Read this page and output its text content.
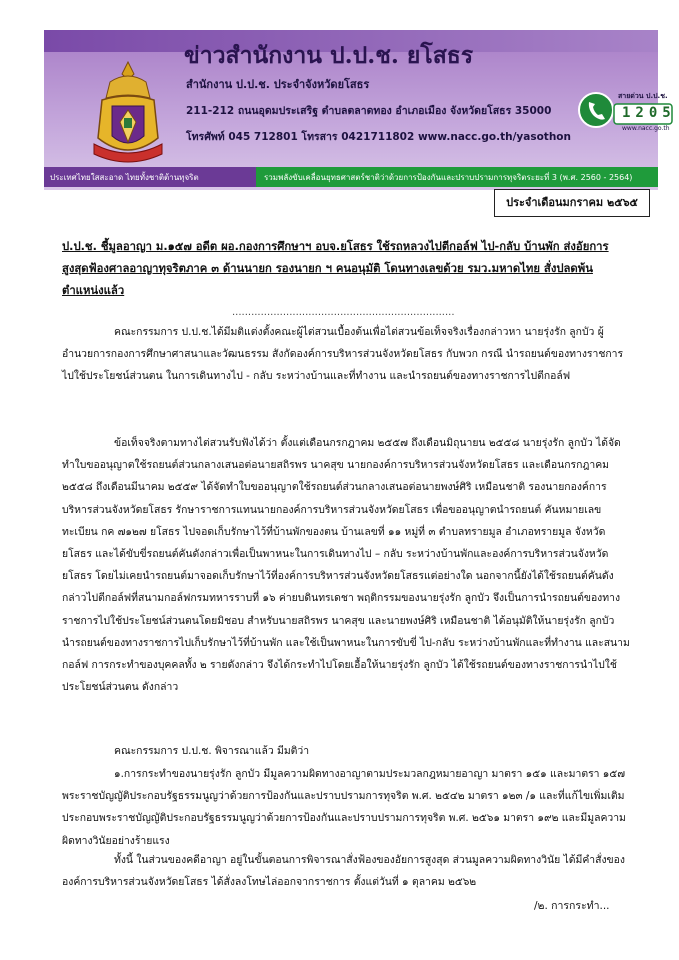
ข่าวสำนักงาน ป.ป.ช. ยโสธร
สำนักงาน ป.ป.ช. ประจำจังหวัดยโสธร
211-212 ถนนอุดมประเสริฐ ตำบลตลาดทอง อำเภอเมือง จังหวัดยโสธร 35000
โทรศัพท์ 045 712801 โทรสาร 0421711802 www.nacc.go.th/yasothon
สายด่วน ป.ป.ช.
1205
www.nacc.go.th
ประเทศไทยใสสะอาด ไทยทั้งชาติต้านทุจริต	รวมพลังขับเคลื่อนยุทธศาสตร์ชาติว่าด้วยการป้องกันและปราบปรามการทุจริตระยะที่ 3 (พ.ศ. 2560 - 2564)
ประจำเดือนมกราคม ๒๕๖๕
ป.ป.ช. ชี้มูลอาญา ม.๑๕๗ อดีต ผอ.กองการศึกษาฯ อบจ.ยโสธร ใช้รถหลวงไปตีกอล์ฟ ไป-กลับ บ้านพัก ส่งอัยการสูงสุดฟ้องศาลอาญาทุจริตภาค ๓ ด้านนายก รองนายก ฯ คนอนุมัติ โดนทางเลขด้วย รมว.มหาดไทย สั่งปลดพ้นตำแหน่งแล้ว
......................................................................
คณะกรรมการ ป.ป.ช.ได้มีมติแต่งตั้งคณะผู้ไต่สวนเบื้องต้นเพื่อไต่สวนข้อเท็จจริงเรื่องกล่าวหา นายรุ่งรัก ลูกบัว ผู้อำนวยการกองการศึกษาศาสนาและวัฒนธรรม สังกัดองค์การบริหารส่วนจังหวัดยโสธร กับพวก กรณี นำรถยนต์ของทางราชการไปใช้ประโยชน์ส่วนตน ในการเดินทางไป - กลับ ระหว่างบ้านและที่ทำงาน และนำรถยนต์ของทางราชการไปตีกอล์ฟ
ข้อเท็จจริงตามทางไต่สวนรับฟังได้ว่า ตั้งแต่เดือนกรกฎาคม ๒๕๕๗ ถึงเดือนมิถุนายน ๒๕๕๘ นายรุ่งรัก ลูกบัว ได้จัดทำใบขออนุญาตใช้รถยนต์ส่วนกลางเสนอต่อนายสถิรพร นาคสุข นายกองค์การบริหารส่วนจังหวัดยโสธร และเดือนกรกฎาคม ๒๕๕๘ ถึงเดือนมีนาคม ๒๕๕๙ ได้จัดทำใบขออนุญาตใช้รถยนต์ส่วนกลางเสนอต่อนายพงษ์ศิริ เหมือนชาติ รองนายกองค์การบริหารส่วนจังหวัดยโสธร รักษาราชการแทนนายกองค์การบริหารส่วนจังหวัดยโสธร เพื่อขออนุญาตนำรถยนต์ คันหมายเลขทะเบียน กค ๗๑๒๗ ยโสธร ไปจอดเก็บรักษาไว้ที่บ้านพักของตน บ้านเลขที่ ๑๑ หมู่ที่ ๓ ตำบลทรายมูล อำเภอทรายมูล จังหวัดยโสธร และได้ขับขี่รถยนต์คันดังกล่าวเพื่อเป็นพาหนะในการเดินทางไป – กลับ ระหว่างบ้านพักและองค์การบริหารส่วนจังหวัดยโสธร โดยไม่เคยนำรถยนต์มาจอดเก็บรักษาไว้ที่องค์การบริหารส่วนจังหวัดยโสธรแต่อย่างใด นอกจากนี้ยังได้ใช้รถยนต์คันดังกล่าวไปตีกอล์ฟที่สนามกอล์ฟกรมทหารราบที่ ๑๖ ค่ายบดินทรเดชา พฤติกรรมของนายรุ่งรัก ลูกบัว จึงเป็นการนำรถยนต์ของทางราชการไปใช้ประโยชน์ส่วนตนโดยมิชอบ สำหรับนายสถิรพร นาคสุข และนายพงษ์ศิริ เหมือนชาติ ได้อนุมัติให้นายรุ่งรัก ลูกบัว นำรถยนต์ของทางราชการไปเก็บรักษาไว้ที่บ้านพัก และใช้เป็นพาหนะในการขับขี่ ไป-กลับ ระหว่างบ้านพักและที่ทำงาน และสนามกอล์ฟ การกระทำของบุคคลทั้ง ๒ รายดังกล่าว จึงได้กระทำไปโดยเอื้อให้นายรุ่งรัก ลูกบัว ได้ใช้รถยนต์ของทางราชการนำไปใช้ประโยชน์ส่วนตน ดังกล่าว
คณะกรรมการ ป.ป.ช. พิจารณาแล้ว มีมติว่า
๑.การกระทำของนายรุ่งรัก ลูกบัว มีมูลความผิดทางอาญาตามประมวลกฎหมายอาญา มาตรา ๑๕๑ และมาตรา ๑๕๗ พระราชบัญญัติประกอบรัฐธรรมนูญว่าด้วยการป้องกันและปราบปรามการทุจริต พ.ศ. ๒๕๔๒ มาตรา ๑๒๓ /๑ และที่แก้ไขเพิ่มเติม ประกอบพระราชบัญญัติประกอบรัฐธรรมนูญว่าด้วยการป้องกันและปราบปรามการทุจริต พ.ศ. ๒๕๖๑ มาตรา ๑๙๒ และมีมูลความผิดทางวินัยอย่างร้ายแรง
ทั้งนี้ ในส่วนของคดีอาญา อยู่ในขั้นตอนการพิจารณาสั่งฟ้องของอัยการสูงสุด ส่วนมูลความผิดทางวินัย ได้มีคำสั่งขององค์การบริหารส่วนจังหวัดยโสธร ได้สั่งลงโทษไล่ออกจากราชการ ตั้งแต่วันที่ ๑ ตุลาคม ๒๕๖๒
/๒. การกระทำ...
